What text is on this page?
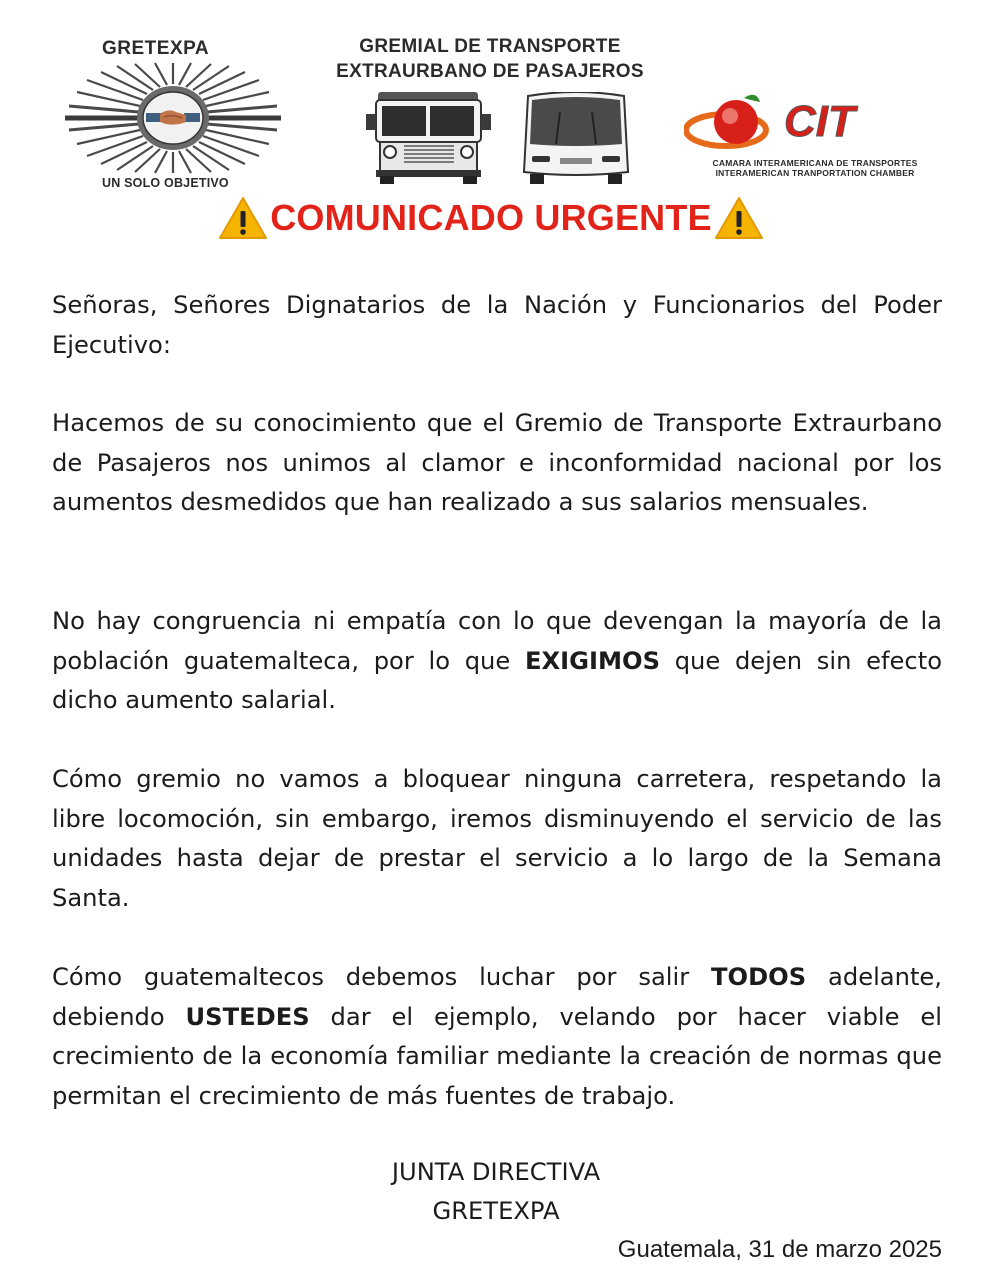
GRETEXPA
UN SOLO OBJETIVO
GREMIAL DE TRANSPORTE
EXTRAURBANO DE PASAJEROS
CIT
CAMARA INTERAMERICANA DE TRANSPORTES
INTERAMERICAN TRANPORTATION CHAMBER
COMUNICADO URGENTE
Señoras, Señores Dignatarios de la Nación y Funcionarios del Poder Ejecutivo:
Hacemos de su conocimiento que el Gremio de Transporte Extraurbano de Pasajeros nos unimos al clamor e inconformidad nacional por los aumentos desmedidos que han realizado a sus salarios mensuales.
No hay congruencia ni empatía con lo que devengan la mayoría de la población guatemalteca, por lo que EXIGIMOS que dejen sin efecto dicho aumento salarial.
Cómo gremio no vamos a bloquear ninguna carretera, respetando la libre locomoción, sin embargo, iremos disminuyendo el servicio de las unidades hasta dejar de prestar el servicio a lo largo de la Semana Santa.
Cómo guatemaltecos debemos luchar por salir TODOS adelante, debiendo USTEDES dar el ejemplo, velando por hacer viable el crecimiento de la economía familiar mediante la creación de normas que permitan el crecimiento de más fuentes de trabajo.
JUNTA DIRECTIVA
GRETEXPA
Guatemala, 31 de marzo 2025
